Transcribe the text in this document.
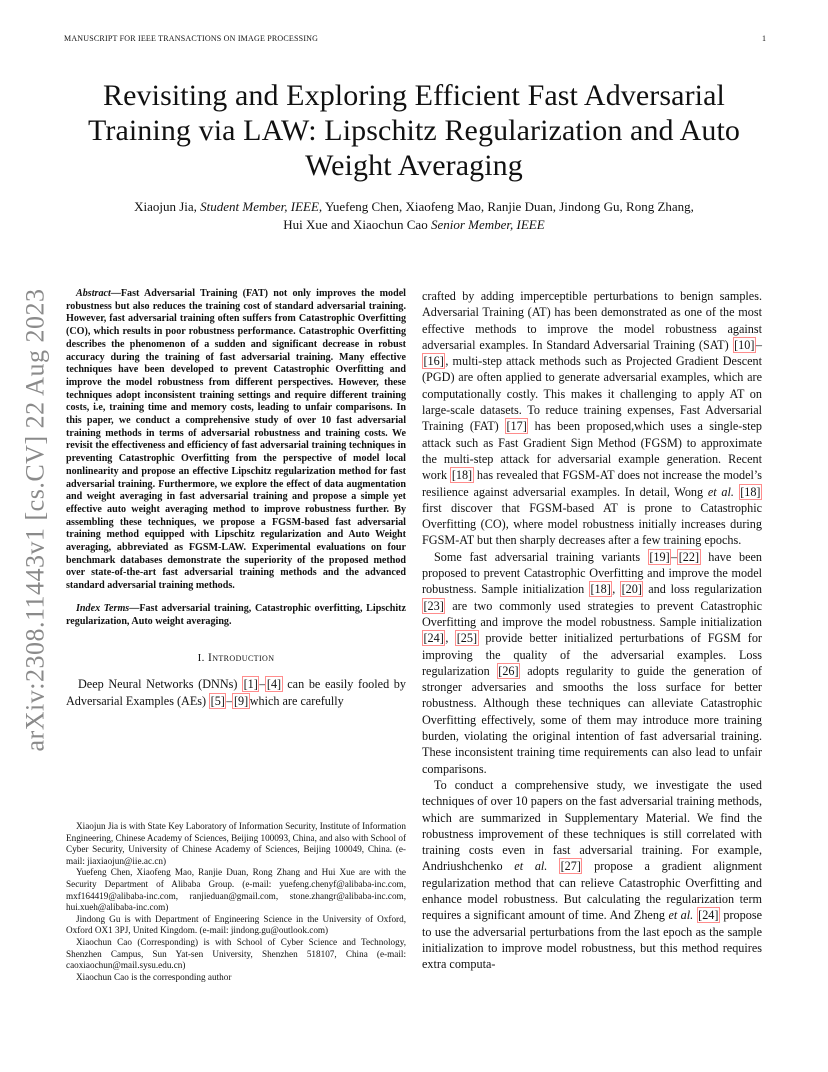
MANUSCRIPT FOR IEEE TRANSACTIONS ON IMAGE PROCESSING	1
Revisiting and Exploring Efficient Fast Adversarial Training via LAW: Lipschitz Regularization and Auto Weight Averaging
Xiaojun Jia, Student Member, IEEE, Yuefeng Chen, Xiaofeng Mao, Ranjie Duan, Jindong Gu, Rong Zhang,
Hui Xue and Xiaochun Cao Senior Member, IEEE
arXiv:2308.11443v1 [cs.CV] 22 Aug 2023	Abstract—Fast Adversarial Training (FAT) not only improves the model robustness but also reduces the training cost of standard adversarial training. However, fast adversarial training often suffers from Catastrophic Overfitting (CO), which results in poor robustness performance. Catastrophic Overfitting describes the phenomenon of a sudden and significant decrease in robust accuracy during the training of fast adversarial training. Many effective techniques have been developed to prevent Catastrophic Overfitting and improve the model robustness from different perspectives. However, these techniques adopt inconsistent training settings and require different training costs, i.e, training time and memory costs, leading to unfair comparisons. In this paper, we conduct a comprehensive study of over 10 fast adversarial training methods in terms of adversarial robustness and training costs. We revisit the effectiveness and efficiency of fast adversarial training techniques in preventing Catastrophic Overfitting from the perspective of model local nonlinearity and propose an effective Lipschitz regularization method for fast adversarial training. Furthermore, we explore the effect of data augmentation and weight averaging in fast adversarial training and propose a simple yet effective auto weight averaging method to improve robustness further. By assembling these techniques, we propose a FGSM-based fast adversarial training method equipped with Lipschitz regularization and Auto Weight averaging, abbreviated as FGSM-LAW. Experimental evaluations on four benchmark databases demonstrate the superiority of the proposed method over state-of-the-art fast adversarial training methods and the advanced standard adversarial training methods.

Index Terms—Fast adversarial training, Catastrophic overfitting, Lipschitz regularization, Auto weight averaging.

I. Introduction

Deep Neural Networks (DNNs) [1] – [4] can be easily fooled by Adversarial Examples (AEs) [5] – [9] which are carefully

Xiaojun Jia is with State Key Laboratory of Information Security, Institute of Information Engineering, Chinese Academy of Sciences, Beijing 100093, China, and also with School of Cyber Security, University of Chinese Academy of Sciences, Beijing 100049, China. (e-mail: jiaxiaojun@iie.ac.cn)

Yuefeng Chen, Xiaofeng Mao, Ranjie Duan, Rong Zhang and Hui Xue are with the Security Department of Alibaba Group. (e-mail: yuefeng.chenyf@alibaba-inc.com, mxf164419@alibaba-inc.com, ranjieduan@gmail.com, stone.zhangr@alibaba-inc.com, hui.xueh@alibaba-inc.com)

Jindong Gu is with Department of Engineering Science in the University of Oxford, Oxford OX1 3PJ, United Kingdom. (e-mail: jindong.gu@outlook.com)

Xiaochun Cao (Corresponding) is with School of Cyber Science and Technology, Shenzhen Campus, Sun Yat-sen University, Shenzhen 518107, China (e-mail: caoxiaochun@mail.sysu.edu.cn)

Xiaochun Cao is the corresponding author

crafted by adding imperceptible perturbations to benign samples. Adversarial Training (AT) has been demonstrated as one of the most effective methods to improve the model robustness against adversarial examples. In Standard Adversarial Training (SAT) [10] –[16] , multi-step attack methods such as Projected Gradient Descent (PGD) are often applied to generate adversarial examples, which are computationally costly. This makes it challenging to apply AT on large-scale datasets. To reduce training expenses, Fast Adversarial Training (FAT) [17] has been proposed,which uses a single-step attack such as Fast Gradient Sign Method (FGSM) to approximate the multi-step attack for adversarial example generation. Recent work [18] has revealed that FGSM-AT does not increase the model’s resilience against adversarial examples. In detail, Wong et al. [18] first discover that FGSM-based AT is prone to Catastrophic Overfitting (CO), where model robustness initially increases during FGSM-AT but then sharply decreases after a few training epochs.

Some fast adversarial training variants [19] – [22] have been proposed to prevent Catastrophic Overfitting and improve the model robustness. Sample initialization [18] , [20] and loss regularization [23] are two commonly used strategies to prevent Catastrophic Overfitting and improve the model robustness. Sample initialization [24] , [25] provide better initialized perturbations of FGSM for improving the quality of the adversarial examples. Loss regularization [26] adopts regularity to guide the generation of stronger adversaries and smooths the loss surface for better robustness. Although these techniques can alleviate Catastrophic Overfitting effectively, some of them may introduce more training burden, violating the original intention of fast adversarial training. These inconsistent training time requirements can also lead to unfair comparisons.

To conduct a comprehensive study, we investigate the used techniques of over 10 papers on the fast adversarial training methods, which are summarized in Supplementary Material. We find the robustness improvement of these techniques is still correlated with training costs even in fast adversarial training. For example, Andriushchenko et al. [27] propose a gradient alignment regularization method that can relieve Catastrophic Overfitting and enhance model robustness. But calculating the regularization term requires a significant amount of time. And Zheng et al. [24] propose to use the adversarial perturbations from the last epoch as the sample initialization to improve model robustness, but this method requires extra computa-
